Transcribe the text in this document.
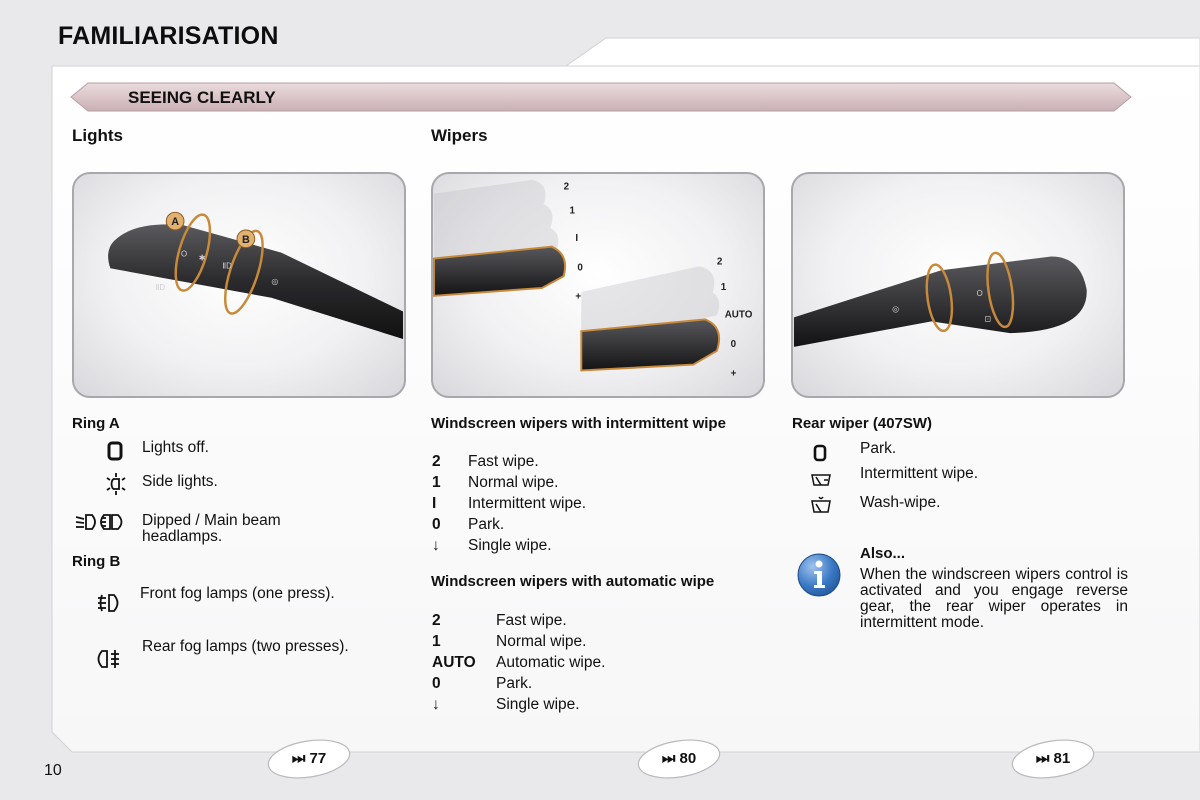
FAMILIARISATION
SEEING CLEARLY
Lights	Wipers
A
B
O ✱
ⅡD
ⅡD
◎
2
1
I
0
+
2
1
AUTO
0
+
◎
O
⊡
Ring A
Lights off.
Side lights.
Dipped / Main beam headlamps.
Ring B
Front fog lamps (one press).
Rear fog lamps (two presses).
Windscreen wipers with intermittent wipe
2 Fast wipe.
1 Normal wipe.
I Intermittent wipe.
0 Park.
↓ Single wipe.
Windscreen wipers with automatic wipe
2	Fast wipe.
1	Normal wipe.
AUTO Automatic wipe.
0	Park.
↓	Single wipe.
Rear wiper (407SW)
Park.
Intermittent wipe.
Wash-wipe.
Also...
When the windscreen wipers control is activated and you engage reverse gear, the rear wiper operates in intermittent mode.
⏭ 77	⏭ 80	⏭ 81
10
